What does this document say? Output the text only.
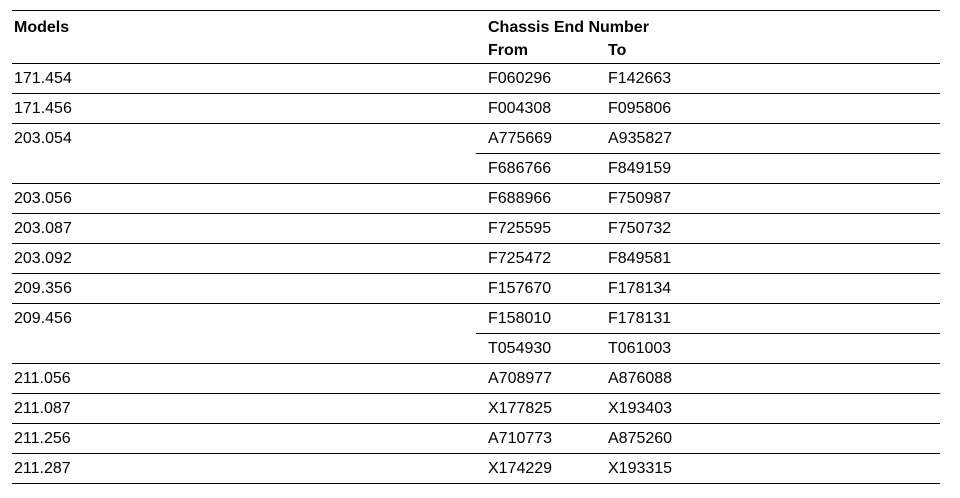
Models	Chassis End Number
From	To
171.454	F060296	F142663
171.456	F004308	F095806
203.054	A775669	A935827
F686766	F849159
203.056	F688966	F750987
203.087	F725595	F750732
203.092	F725472	F849581
209.356	F157670	F178134
209.456	F158010	F178131
T054930	T061003
211.056	A708977	A876088
211.087	X177825	X193403
211.256	A710773	A875260
211.287	X174229	X193315
